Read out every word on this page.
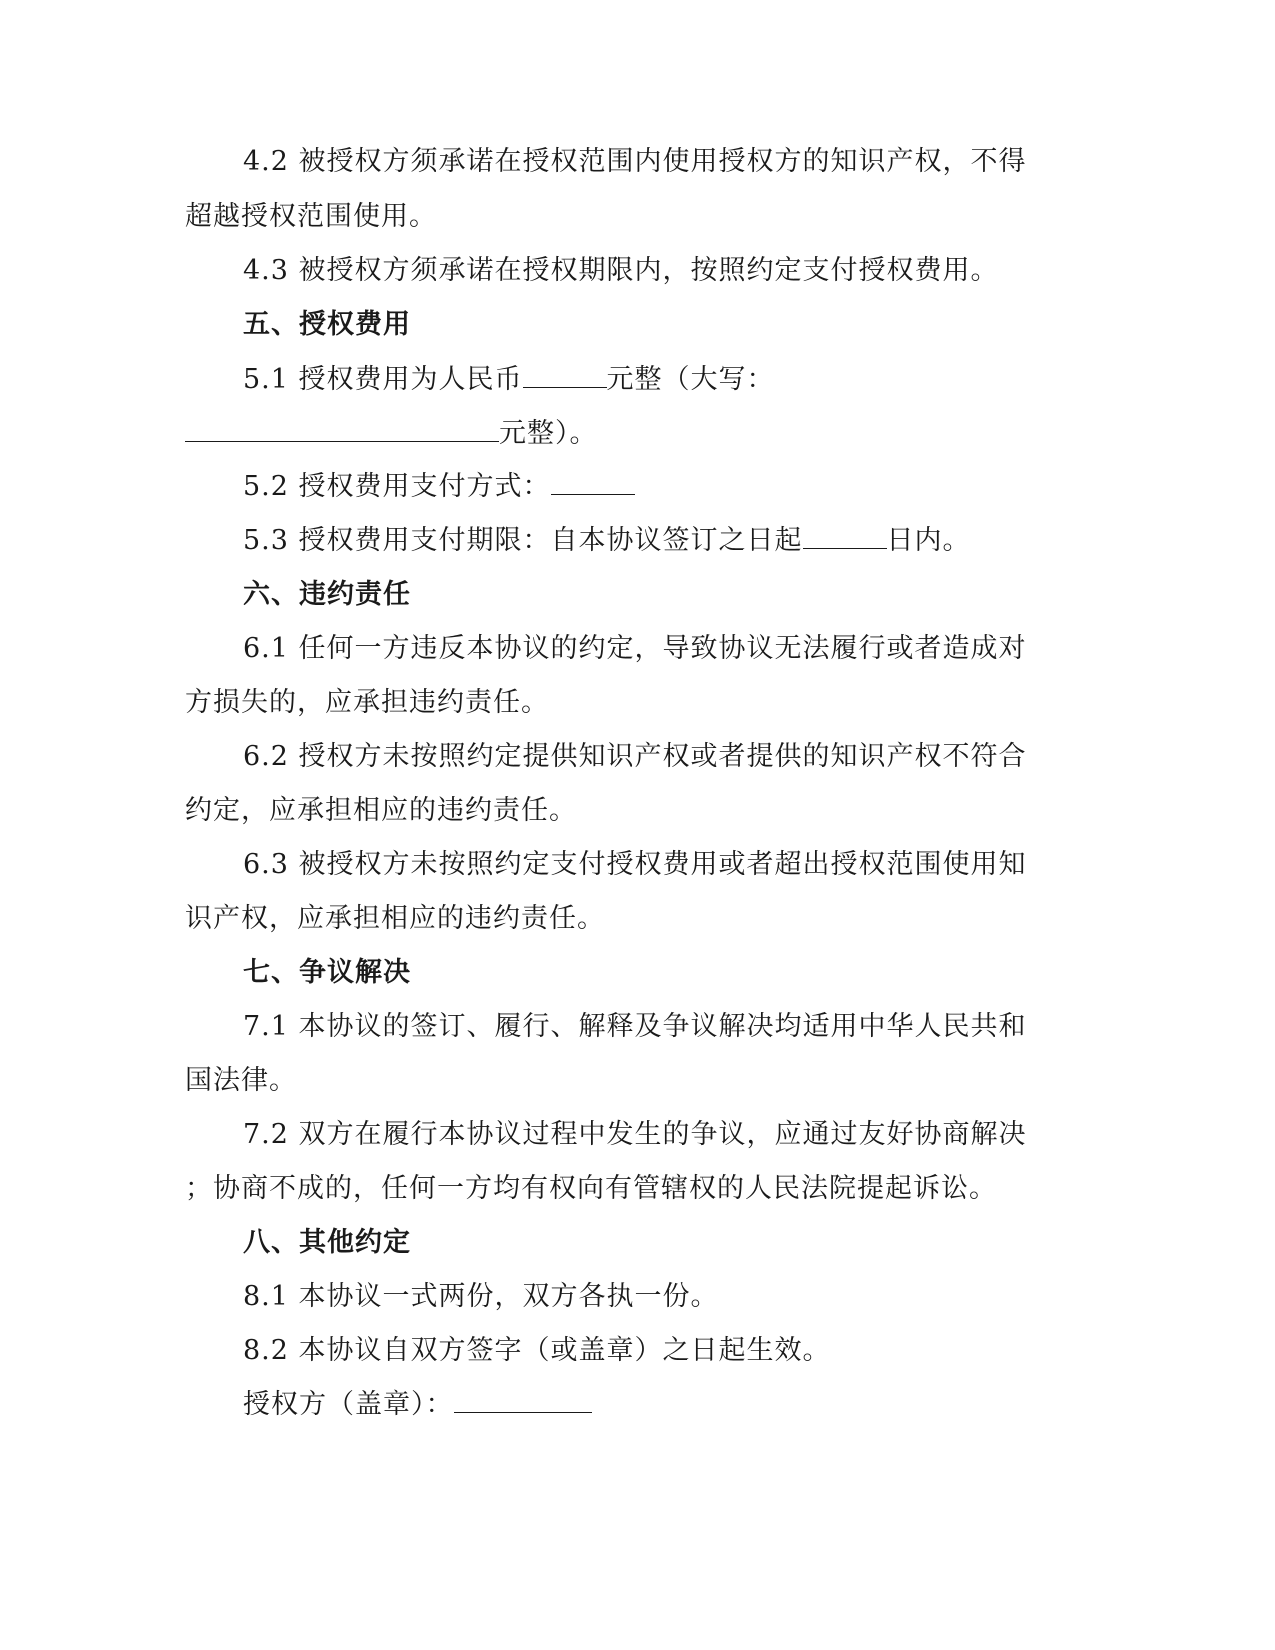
4.2 被授权方须承诺在授权范围内使用授权方的知识产权，不得
超越授权范围使用。
4.3 被授权方须承诺在授权期限内，按照约定支付授权费用。
五、授权费用
5.1 授权费用为人民币	元整（大写：
元整）。
5.2 授权费用支付方式：
5.3 授权费用支付期限：自本协议签订之日起	日内。
六、违约责任
6.1 任何一方违反本协议的约定，导致协议无法履行或者造成对
方损失的，应承担违约责任。
6.2 授权方未按照约定提供知识产权或者提供的知识产权不符合
约定，应承担相应的违约责任。
6.3 被授权方未按照约定支付授权费用或者超出授权范围使用知
识产权，应承担相应的违约责任。
七、争议解决
7.1 本协议的签订、履行、解释及争议解决均适用中华人民共和
国法律。
7.2 双方在履行本协议过程中发生的争议，应通过友好协商解决
；协商不成的，任何一方均有权向有管辖权的人民法院提起诉讼。
八、其他约定
8.1 本协议一式两份，双方各执一份。
8.2 本协议自双方签字（或盖章）之日起生效。
授权方（盖章）：
